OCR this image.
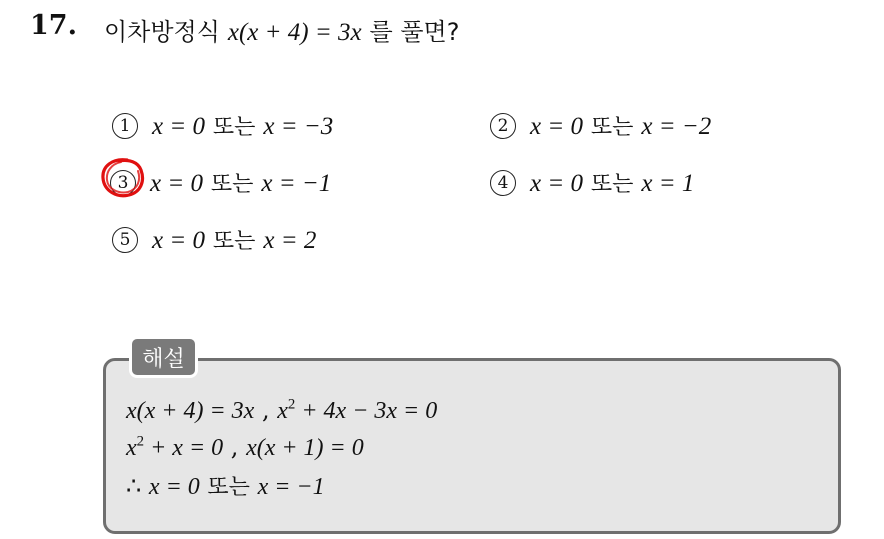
17. 이차방정식 x(x + 4) = 3x 를 풀면?
1 x = 0 또는 x = −3	2 x = 0 또는 x = −2
3 x = 0 또는 x = −1	4 x = 0 또는 x = 1
5 x = 0 또는 x = 2
해설
x(x + 4) = 3x , $x^2 + 4x - 3x = 0$
$x^2 + x = 0$ , x(x + 1) = 0
∴ x = 0 또는 x = −1
